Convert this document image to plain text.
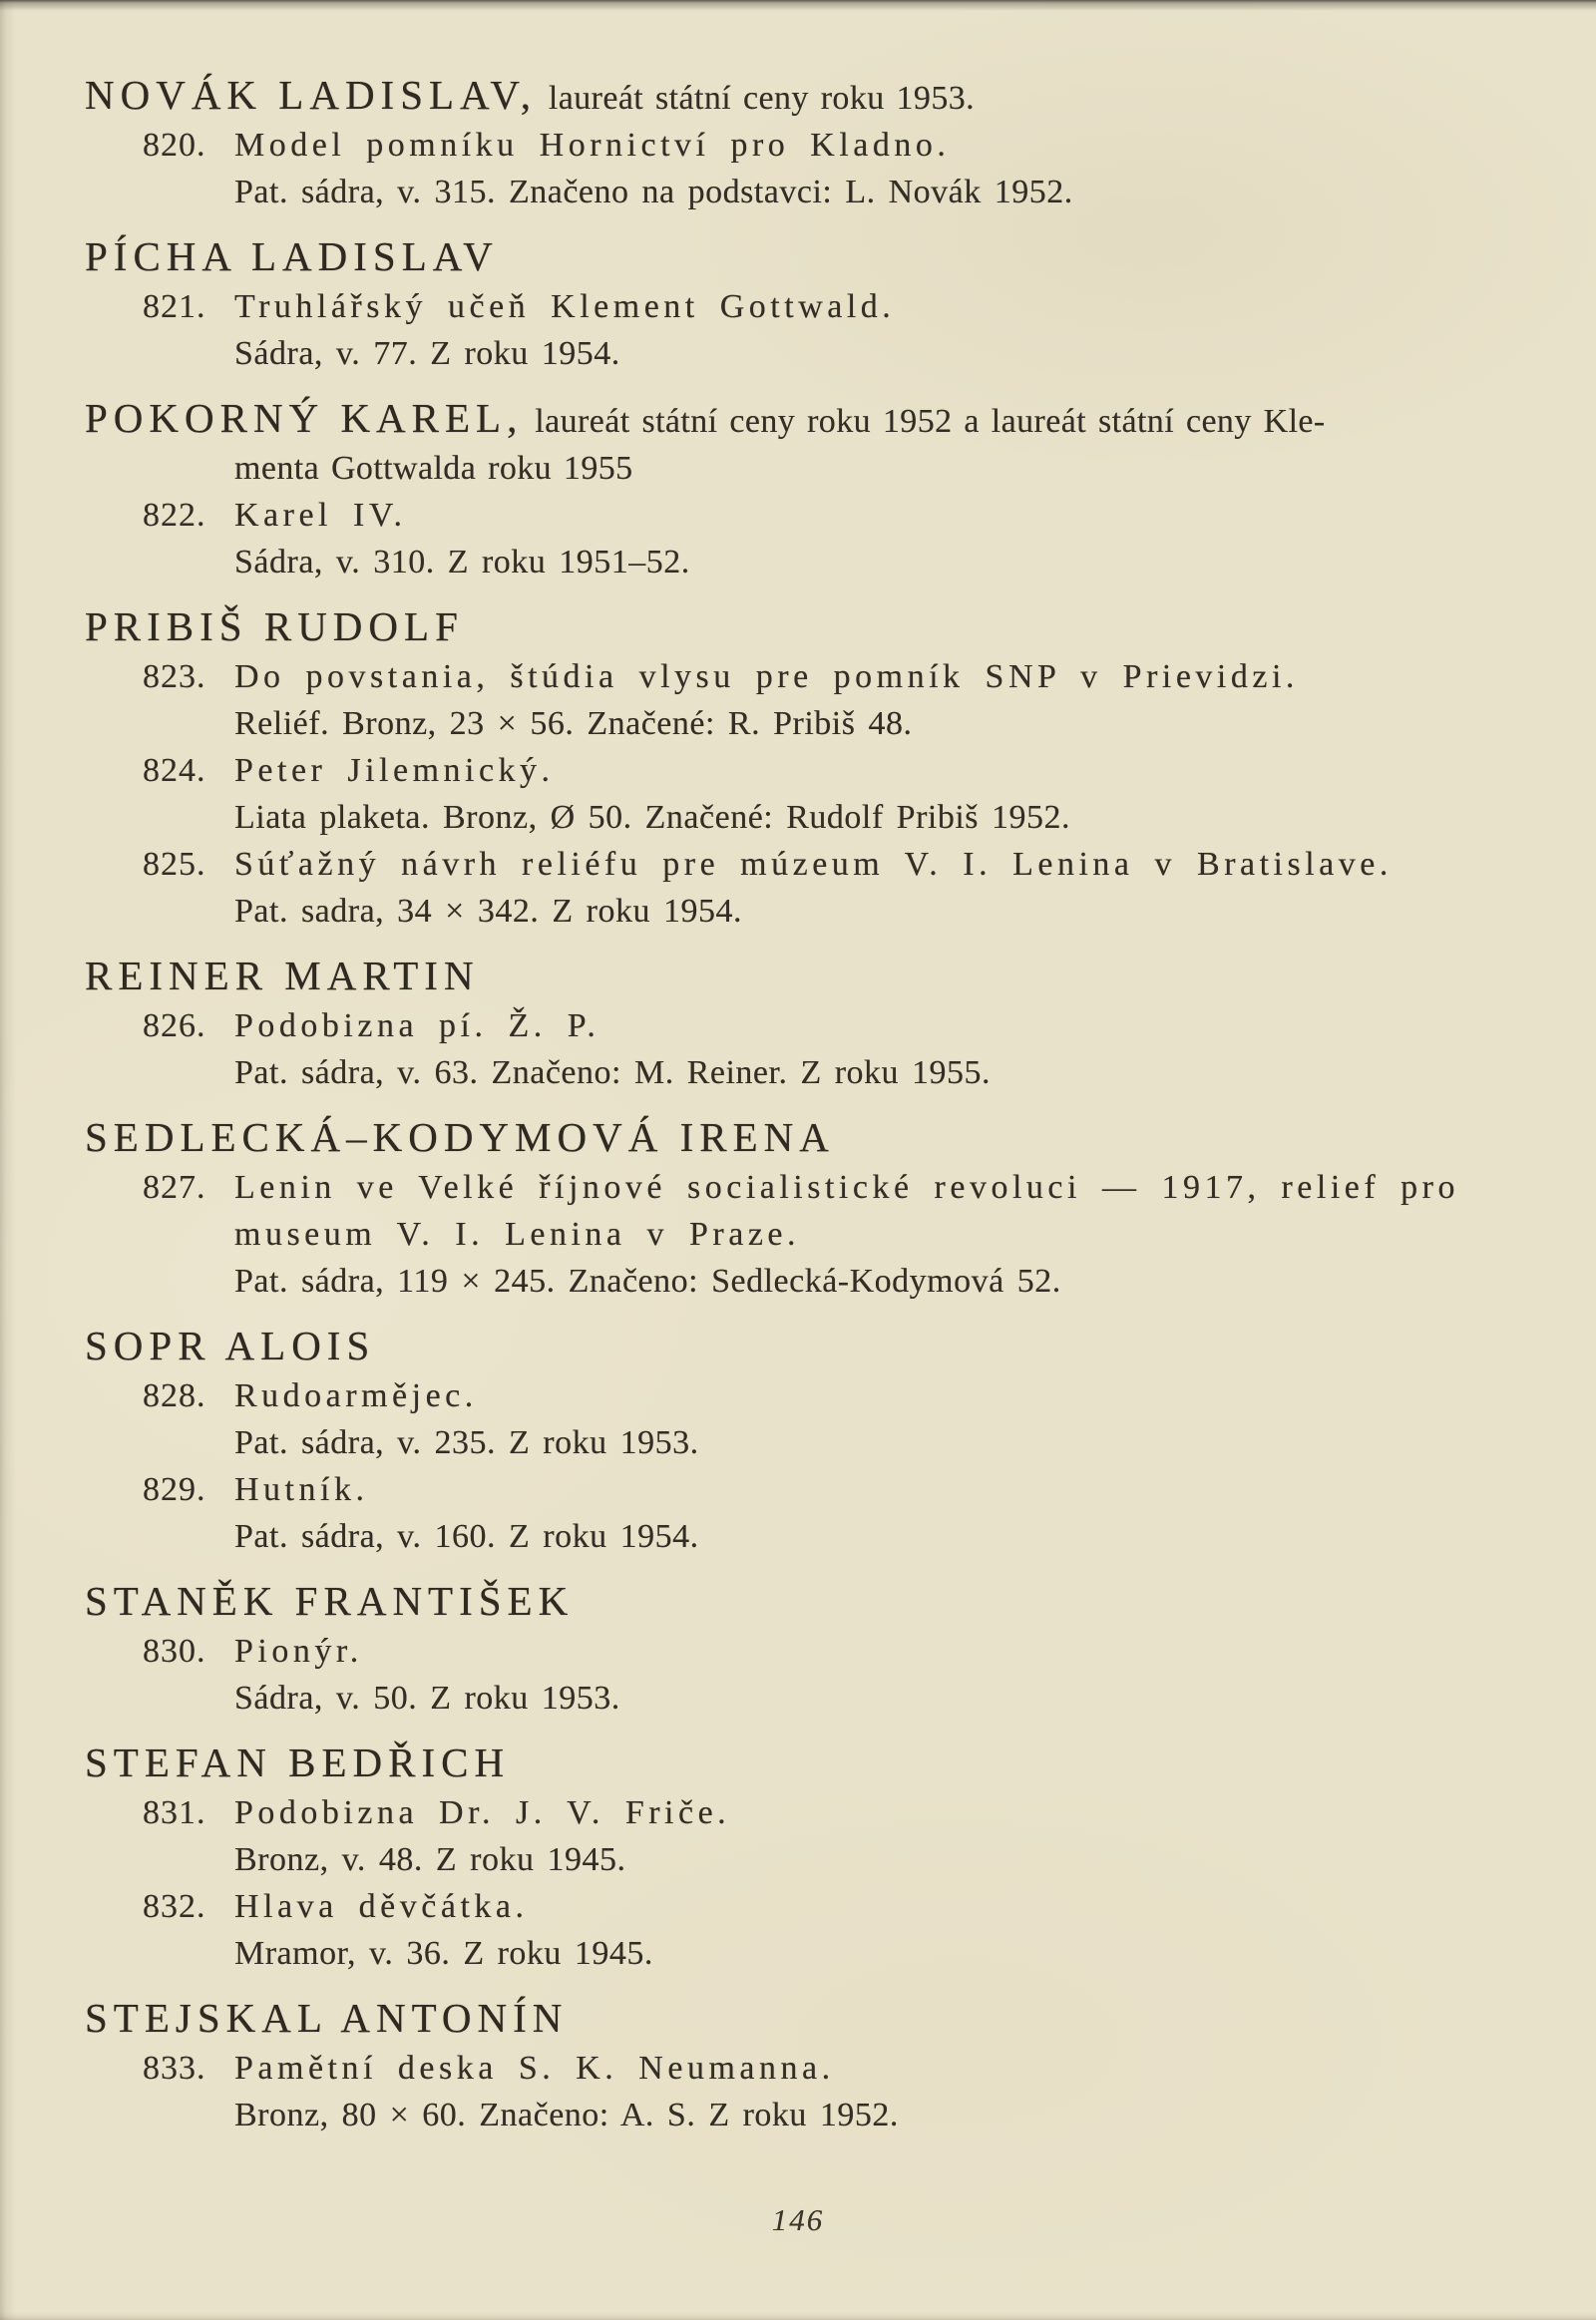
NOVÁK LADISLAV, laureát státní ceny roku 1953.
820. Model pomníku Hornictví pro Kladno.
Pat. sádra, v. 315. Značeno na podstavci: L. Novák 1952.
PÍCHA LADISLAV
821. Truhlářský učeň Klement Gottwald.
Sádra, v. 77. Z roku 1954.
POKORNÝ KAREL, laureát státní ceny roku 1952 a laureát státní ceny Kle-
menta Gottwalda roku 1955
822. Karel IV.
Sádra, v. 310. Z roku 1951–52.
PRIBIŠ RUDOLF
823. Do povstania, štúdia vlysu pre pomník SNP v Prievidzi.
Reliéf. Bronz, 23 × 56. Značené: R. Pribiš 48.
824. Peter Jilemnický.
Liata plaketa. Bronz, Ø 50. Značené: Rudolf Pribiš 1952.
825. Súťažný návrh reliéfu pre múzeum V. I. Lenina v Bratislave.
Pat. sadra, 34 × 342. Z roku 1954.
REINER MARTIN
826. Podobizna pí. Ž. P.
Pat. sádra, v. 63. Značeno: M. Reiner. Z roku 1955.
SEDLECKÁ–KODYMOVÁ IRENA
827. Lenin ve Velké říjnové socialistické revoluci — 1917, relief pro
museum V. I. Lenina v Praze.
Pat. sádra, 119 × 245. Značeno: Sedlecká-Kodymová 52.
SOPR ALOIS
828. Rudoarmějec.
Pat. sádra, v. 235. Z roku 1953.
829. Hutník.
Pat. sádra, v. 160. Z roku 1954.
STANĚK FRANTIŠEK
830. Pionýr.
Sádra, v. 50. Z roku 1953.
STEFAN BEDŘICH
831. Podobizna Dr. J. V. Friče.
Bronz, v. 48. Z roku 1945.
832. Hlava děvčátka.
Mramor, v. 36. Z roku 1945.
STEJSKAL ANTONÍN
833. Pamětní deska S. K. Neumanna.
Bronz, 80 × 60. Značeno: A. S. Z roku 1952.
146
